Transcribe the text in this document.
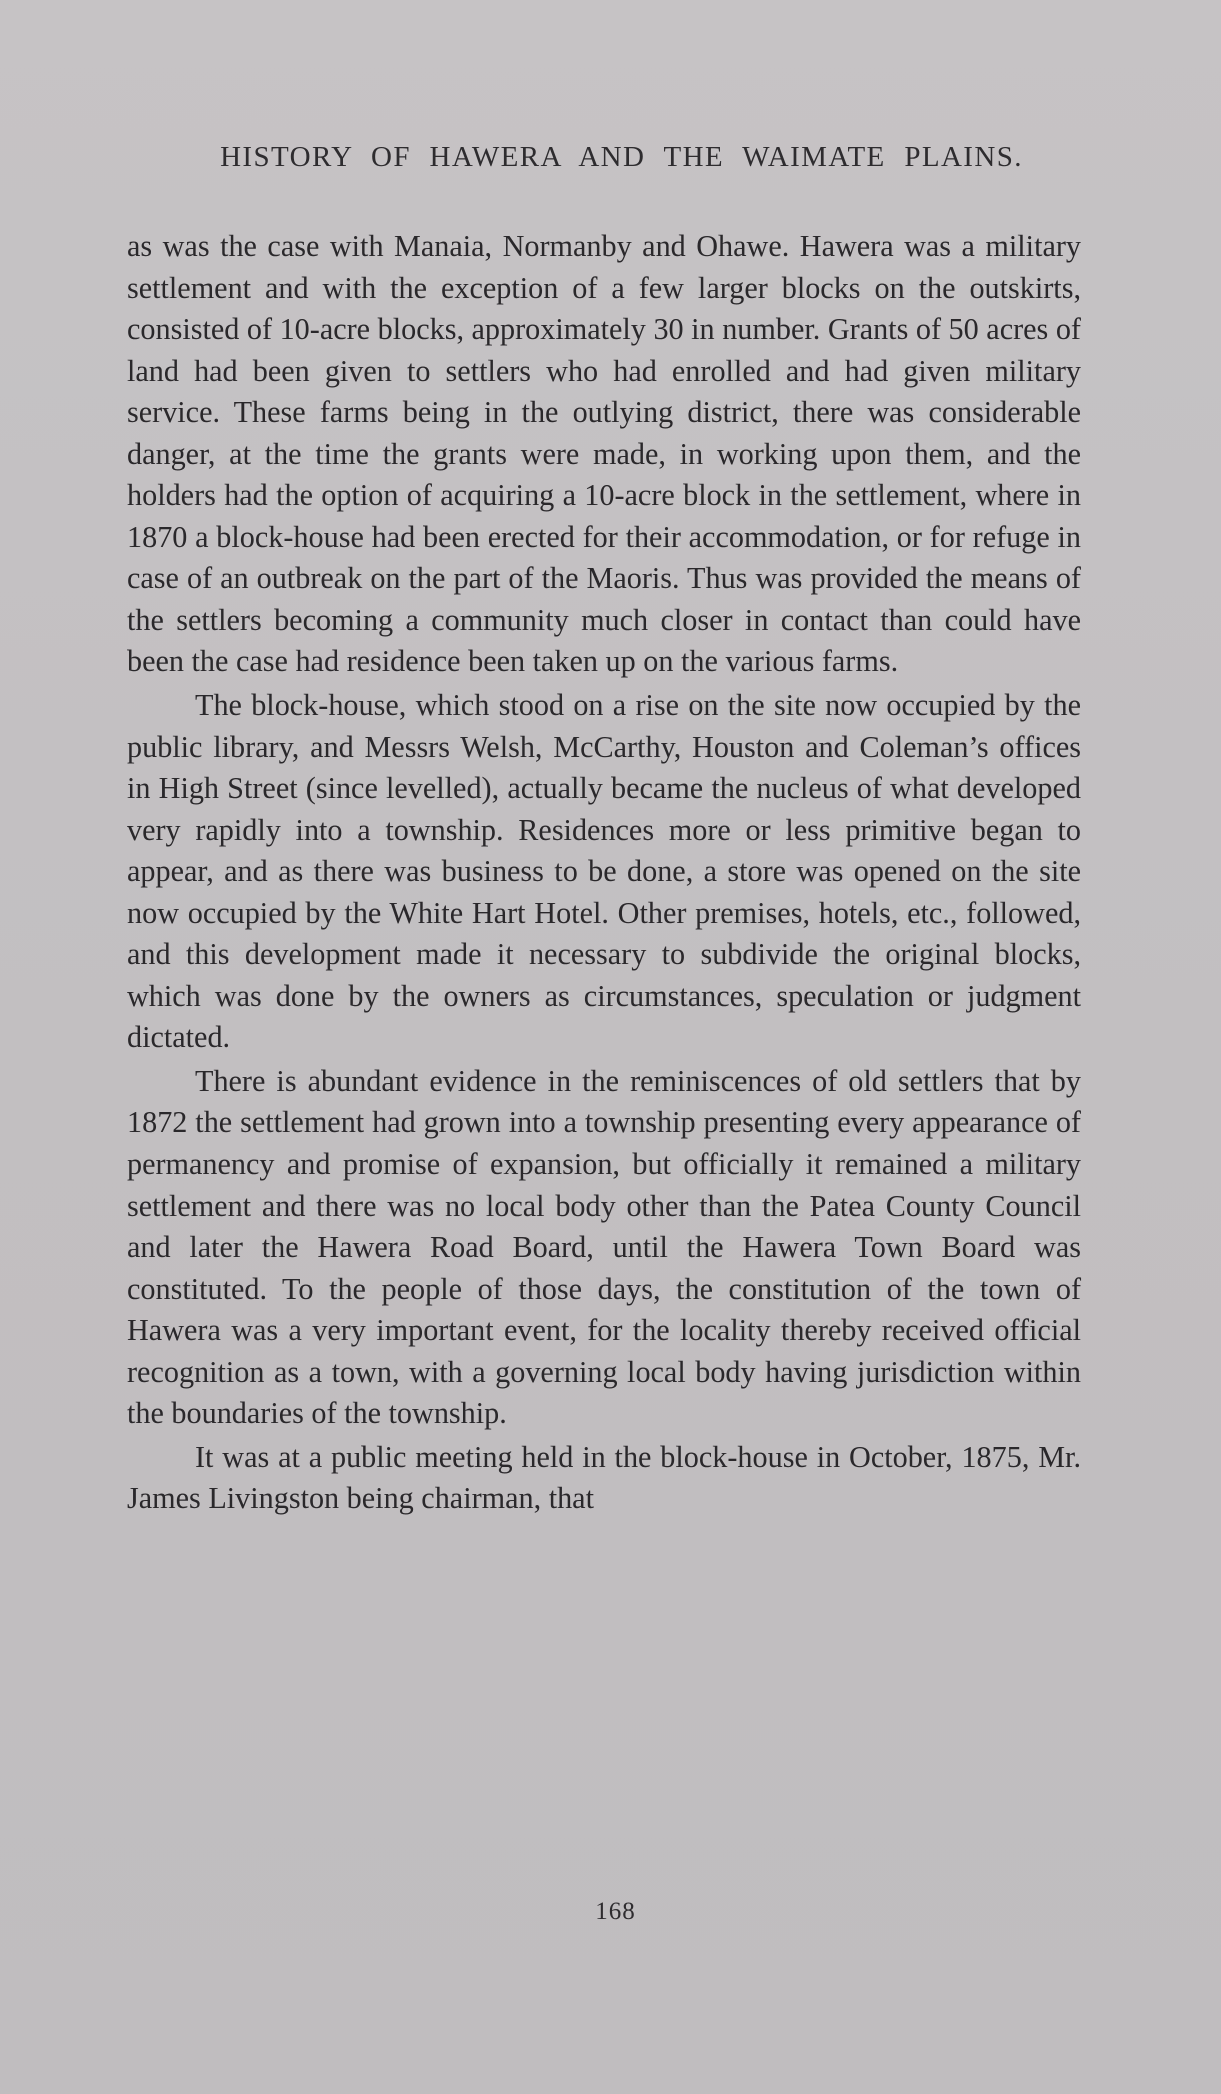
HISTORY OF HAWERA AND THE WAIMATE PLAINS.

as was the case with Manaia, Normanby and Ohawe. Hawera was a military settlement and with the exception of a few larger blocks on the outskirts, consisted of 10-acre blocks, approximately 30 in number. Grants of 50 acres of land had been given to settlers who had enrolled and had given military service. These farms being in the outlying district, there was considerable danger, at the time the grants were made, in working upon them, and the holders had the option of acquiring a 10-acre block in the settlement, where in 1870 a block-house had been erected for their accommodation, or for refuge in case of an outbreak on the part of the Maoris. Thus was provided the means of the settlers becoming a community much closer in contact than could have been the case had residence been taken up on the various farms.

The block-house, which stood on a rise on the site now occupied by the public library, and Messrs Welsh, McCarthy, Houston and Coleman’s offices in High Street (since levelled), actually became the nucleus of what developed very rapidly into a township. Residences more or less primitive began to appear, and as there was business to be done, a store was opened on the site now occupied by the White Hart Hotel. Other premises, hotels, etc., followed, and this development made it necessary to subdivide the original blocks, which was done by the owners as circumstances, speculation or judgment dictated.

There is abundant evidence in the reminiscences of old settlers that by 1872 the settlement had grown into a township presenting every appearance of permanency and promise of expansion, but officially it remained a military settlement and there was no local body other than the Patea County Council and later the Hawera Road Board, until the Hawera Town Board was constituted. To the people of those days, the constitution of the town of Hawera was a very important event, for the locality thereby received official recognition as a town, with a governing local body having jurisdiction within the boundaries of the township.

It was at a public meeting held in the block-house in October, 1875, Mr. James Livingston being chairman, that

168
